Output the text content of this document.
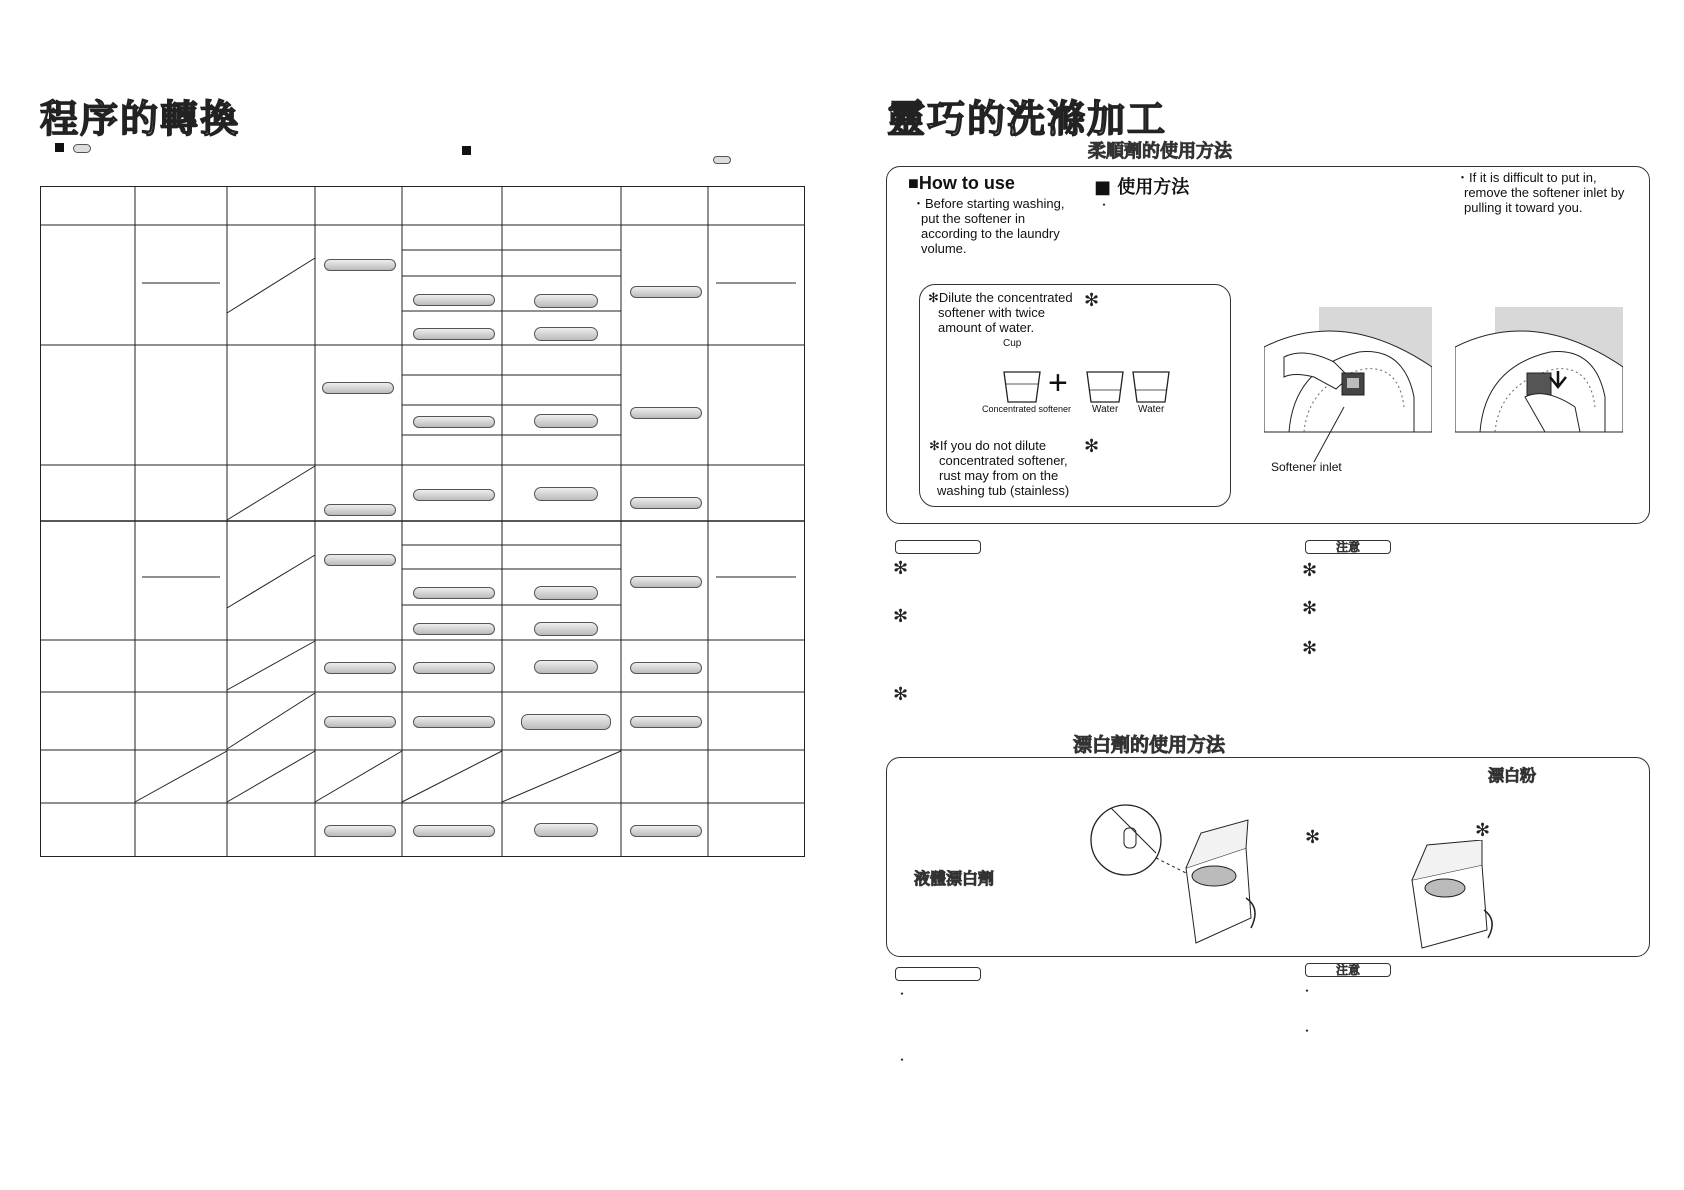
程序的轉換	靈巧的洗滌加工
柔順劑的使用方法
■How to use
・Before starting washing,
put the softener in
according to the laundry
volume.
■ 使用方法
・
・If it is difficult to put in,
remove the softener inlet by
pulling it toward you.
✻Dilute the concentrated
softener with twice
amount of water.
✻
Cup
+
Concentrated softener Water Water
✻If you do not dilute
concentrated softener,
rust may from on the
washing tub (stainless)
✻
Softener inlet
注意
✻
✻
✻
✻
✻
✻
漂白劑的使用方法
漂白粉
液體漂白劑
✻	✻
注意
・
・
・
・
